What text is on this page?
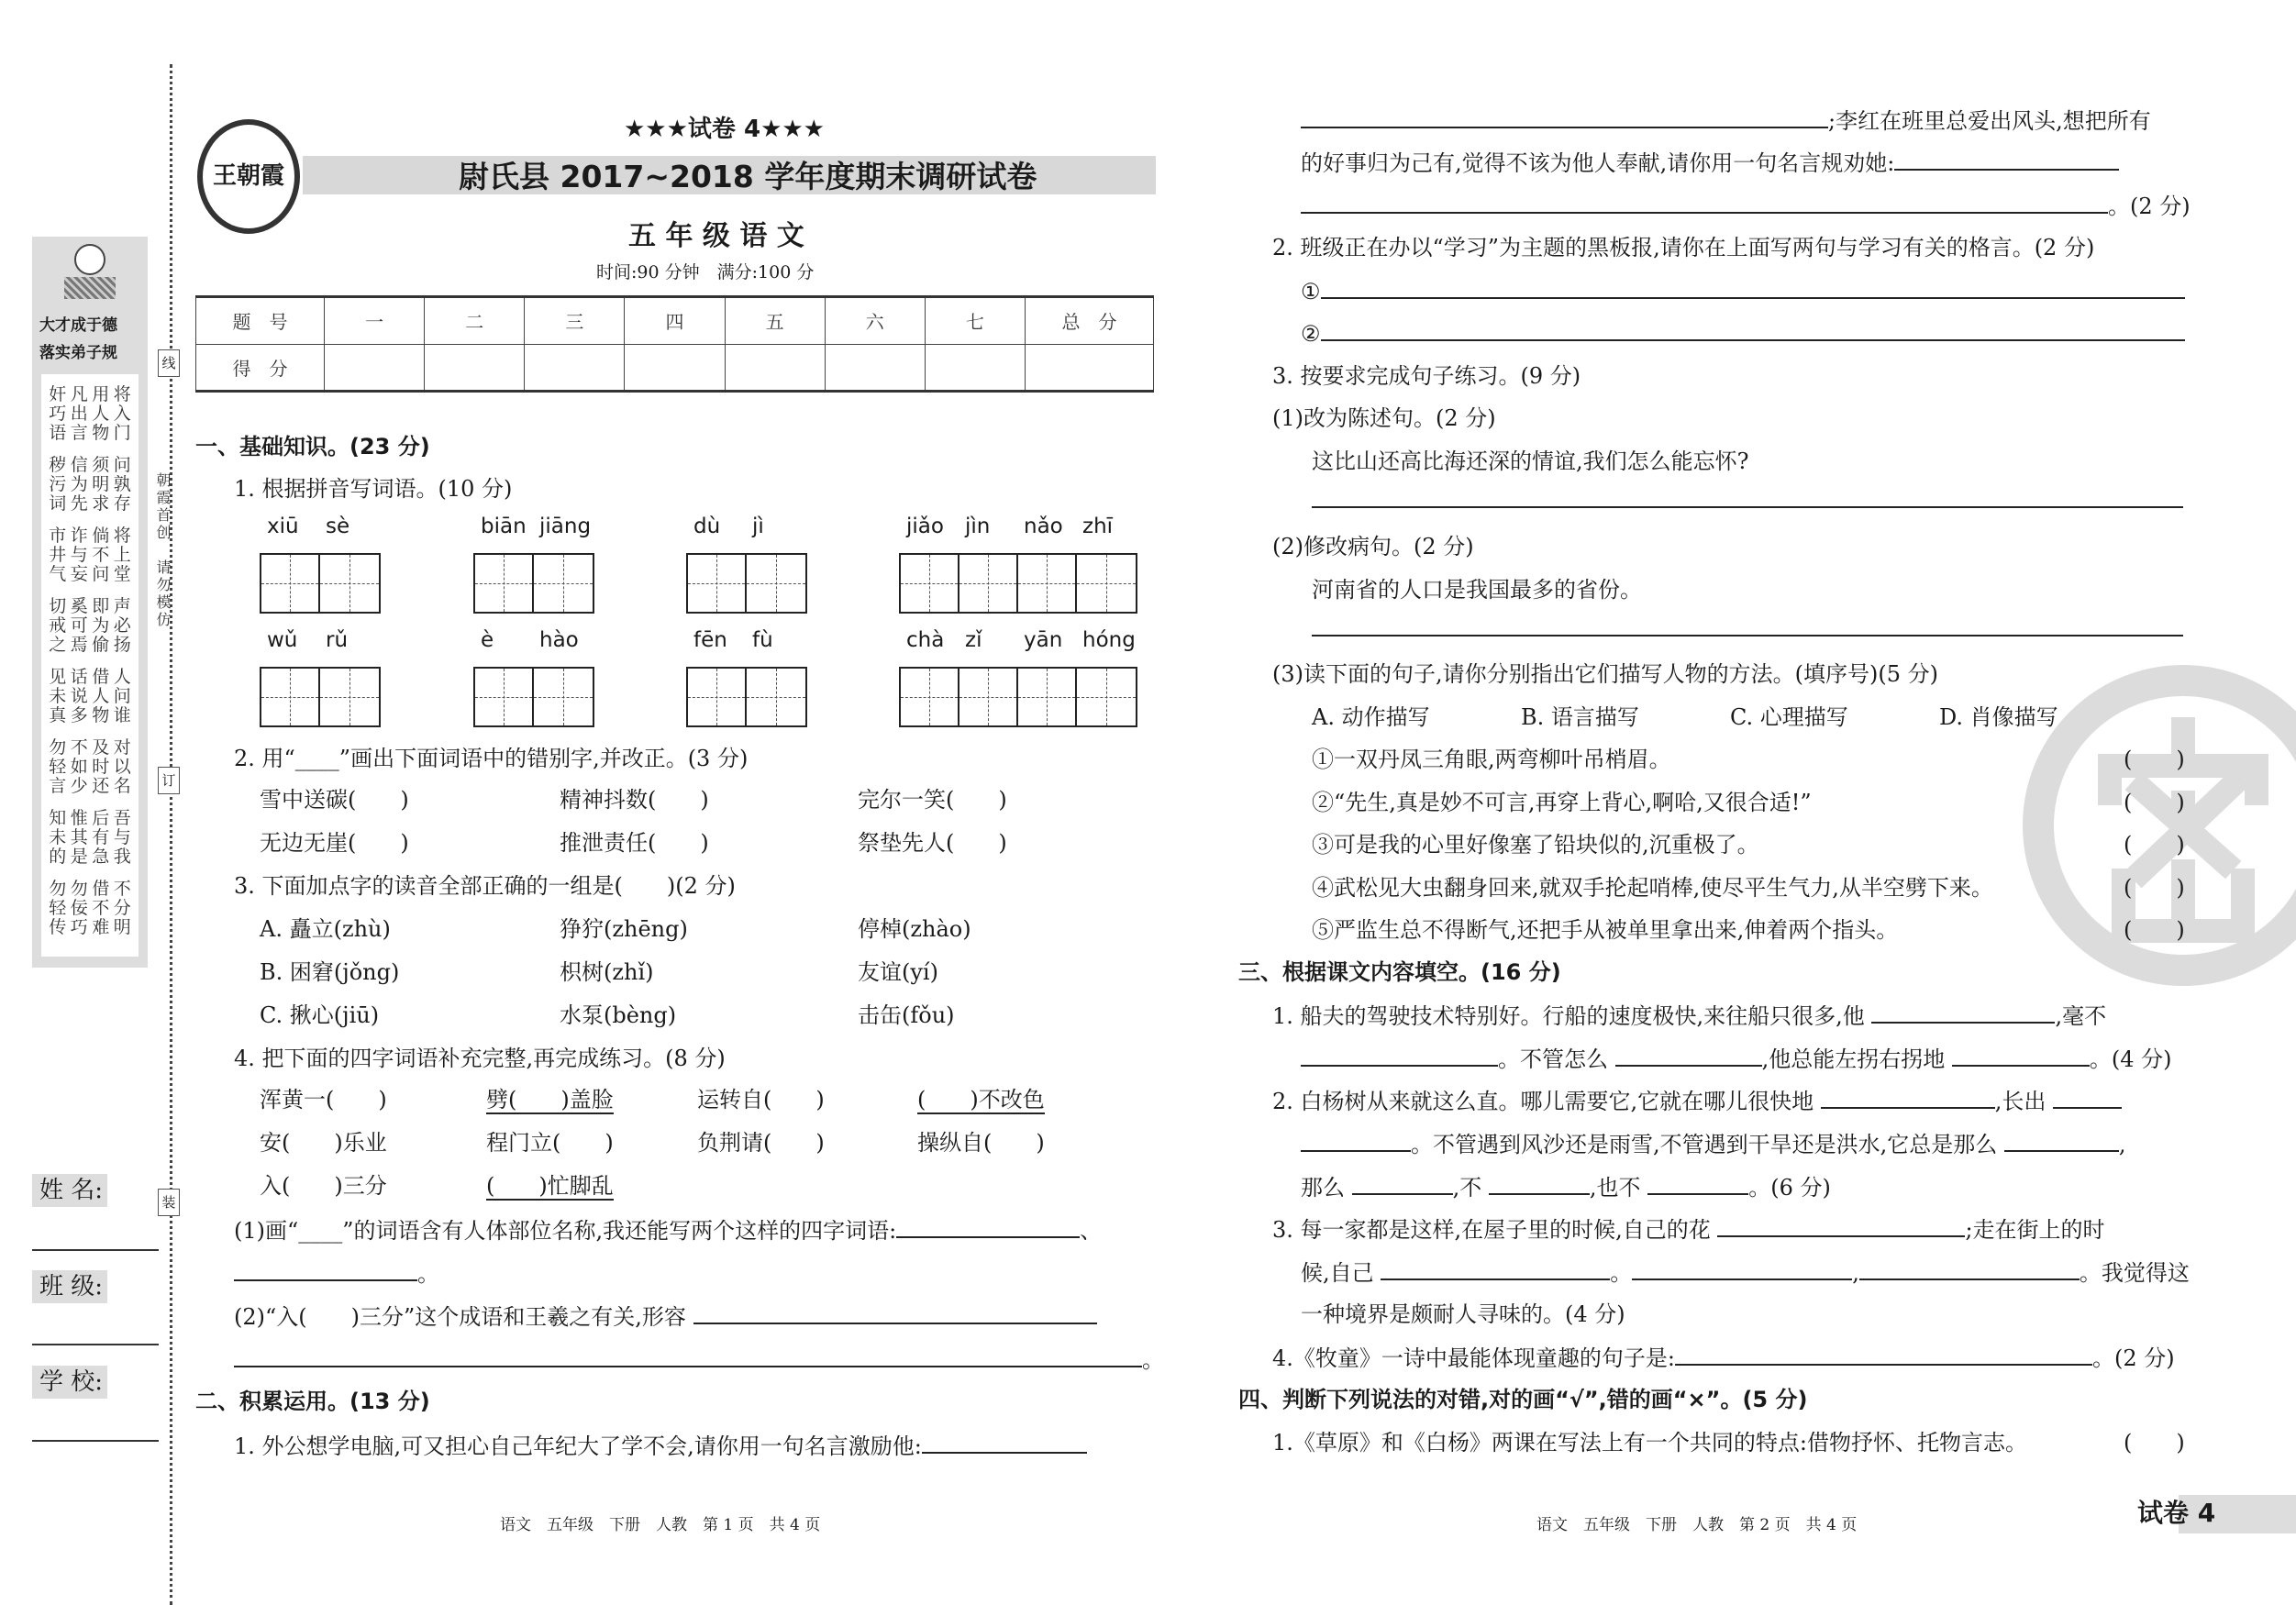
大才成于德
落实弟子规
奸 凡 用 将
巧 出 人 入
语 言 物 门
秽 信 须 问
污 为 明 孰
词 先 求 存
市 诈 倘 将
井 与 不 上
气 妄 问 堂
切 奚 即 声
戒 可 为 必
之 焉 偷 扬
见 话 借 人
未 说 人 问
真 多 物 谁
勿 不 及 对
轻 如 时 以
言 少 还 名
知 惟 后 吾
未 其 有 与
的 是 急 我
勿 勿 借 不
轻 佞 不 分
传 巧 难 明
线
订
装
朝霞首创　请勿模仿
姓 名:
班 级:
学 校:
王朝霞
★★★试卷 4★★★
尉氏县 2017~2018 学年度期末调研试卷
五 年 级 语 文
时间:90 分钟　满分:100 分
题　号	一	二	三	四	五	六	七	总　分
得　分								
一、基础知识。(23 分)
1. 根据拼音写词语。(10 分)
xiū sè	biān jiāng	dù jì	jiǎo jìn nǎo zhī
wǔ rǔ	è hào	fēn fù	chà zǐ yān hóng
2. 用“____”画出下面词语中的错别字,并改正。(3 分)
雪中送碳(　　)	精神抖数(　　)	完尔一笑(　　)
无边无崖(　　)	推泄责任(　　)	祭垫先人(　　)
3. 下面加点字的读音全部正确的一组是(　　)(2 分)
A. 矗立(zhù)	狰狞(zhēng)	停棹(zhào)
B. 困窘(jǒng)	枳树(zhǐ)	友谊(yí)
C. 揪心(jiū)	水泵(bèng)	击缶(fǒu)
4. 把下面的四字词语补充完整,再完成练习。(8 分)
浑黄一(　　)	劈(　　)盖脸	运转自(　　)	(　　)不改色
安(　　)乐业	程门立(　　)	负荆请(　　)	操纵自(　　)
入(　　)三分	(　　)忙脚乱
(1)画“____”的词语含有人体部位名称,我还能写两个这样的四字词语:	、
。
(2)“入(　　)三分”这个成语和王羲之有关,形容
。
二、积累运用。(13 分)
1. 外公想学电脑,可又担心自己年纪大了学不会,请你用一句名言激励他:
语文　五年级　下册　人教　第 1 页　共 4 页
;李红在班里总爱出风头,想把所有
的好事归为己有,觉得不该为他人奉献,请你用一句名言规劝她:
。(2 分)
2. 班级正在办以“学习”为主题的黑板报,请你在上面写两句与学习有关的格言。(2 分)
①
②
3. 按要求完成句子练习。(9 分)
(1)改为陈述句。(2 分)
这比山还高比海还深的情谊,我们怎么能忘怀?
(2)修改病句。(2 分)
河南省的人口是我国最多的省份。
(3)读下面的句子,请你分别指出它们描写人物的方法。(填序号)(5 分)
A. 动作描写	B. 语言描写	C. 心理描写	D. 肖像描写
①一双丹凤三角眼,两弯柳叶吊梢眉。	(　　)
②“先生,真是妙不可言,再穿上背心,啊哈,又很合适!”	(　　)
③可是我的心里好像塞了铅块似的,沉重极了。	(　　)
④武松见大虫翻身回来,就双手抡起哨棒,使尽平生气力,从半空劈下来。	(　　)
⑤严监生总不得断气,还把手从被单里拿出来,伸着两个指头。	(　　)
三、根据课文内容填空。(16 分)
1. 船夫的驾驶技术特别好。行船的速度极快,来往船只很多,他	,毫不
。不管怎么	,他总能左拐右拐地	。(4 分)
2. 白杨树从来就这么直。哪儿需要它,它就在哪儿很快地	,长出
。不管遇到风沙还是雨雪,不管遇到干旱还是洪水,它总是那么	,
那么	,不	,也不	。(6 分)
3. 每一家都是这样,在屋子里的时候,自己的花	;走在街上的时
候,自己	。	,	。我觉得这
一种境界是颇耐人寻味的。(4 分)
4.《牧童》一诗中最能体现童趣的句子是:	。(2 分)
四、判断下列说法的对错,对的画“√”,错的画“×”。(5 分)
1.《草原》和《白杨》两课在写法上有一个共同的特点:借物抒怀、托物言志。	(　　)
语文　五年级　下册　人教　第 2 页　共 4 页	试卷 4
